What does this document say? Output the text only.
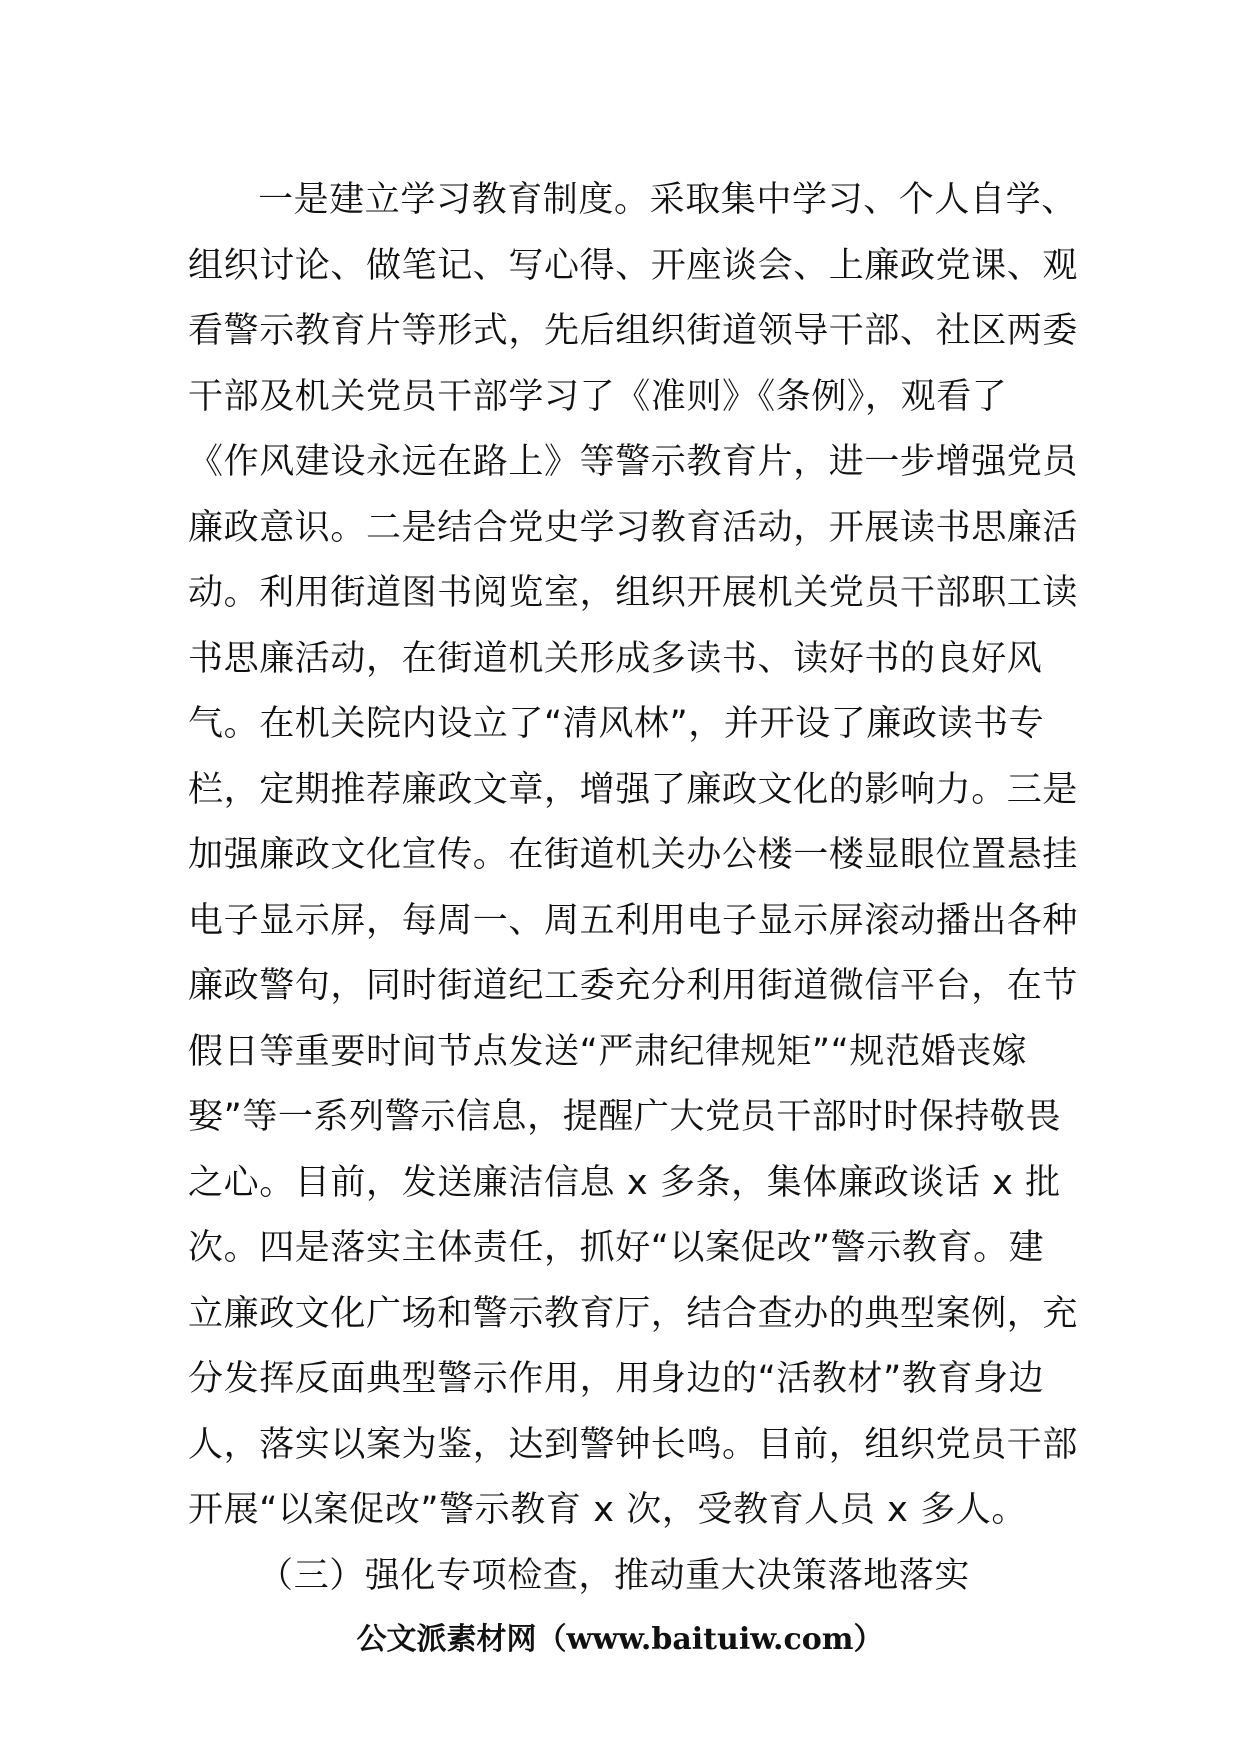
一是建立学习教育制度。采取集中学习、个人自学、
组织讨论、做笔记、写心得、开座谈会、上廉政党课、观
看警示教育片等形式，先后组织街道领导干部、社区两委
干部及机关党员干部学习了《准则》《条例》，观看了
《作风建设永远在路上》等警示教育片，进一步增强党员
廉政意识。二是结合党史学习教育活动，开展读书思廉活
动。利用街道图书阅览室，组织开展机关党员干部职工读
书思廉活动，在街道机关形成多读书、读好书的良好风
气。在机关院内设立了“清风林”，并开设了廉政读书专
栏，定期推荐廉政文章，增强了廉政文化的影响力。三是
加强廉政文化宣传。在街道机关办公楼一楼显眼位置悬挂
电子显示屏，每周一、周五利用电子显示屏滚动播出各种
廉政警句，同时街道纪工委充分利用街道微信平台，在节
假日等重要时间节点发送“严肃纪律规矩”“规范婚丧嫁
娶”等一系列警示信息，提醒广大党员干部时时保持敬畏
之心。目前，发送廉洁信息 x 多条，集体廉政谈话 x 批
次。四是落实主体责任，抓好“以案促改”警示教育。建
立廉政文化广场和警示教育厅，结合查办的典型案例，充
分发挥反面典型警示作用，用身边的“活教材”教育身边
人，落实以案为鉴，达到警钟长鸣。目前，组织党员干部
开展“以案促改”警示教育 x 次，受教育人员 x 多人。
（三）强化专项检查，推动重大决策落地落实
公文派素材网（www.baituiw.com）
